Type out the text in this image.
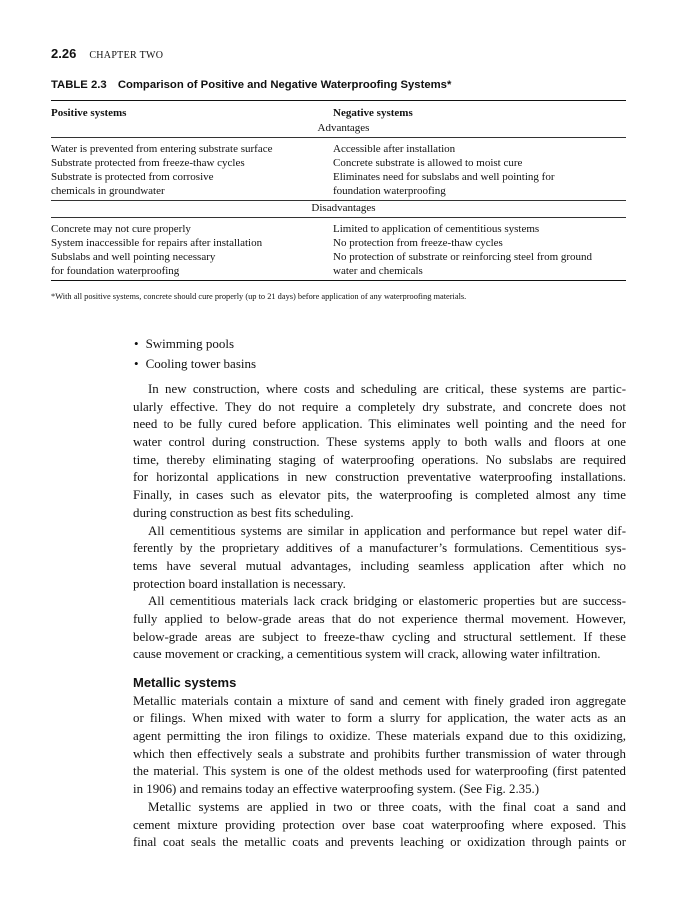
2.26 CHAPTER TWO
TABLE 2.3 Comparison of Positive and Negative Waterproofing Systems*
Positive systems	Negative systems
Advantages
Water is prevented from entering substrate surface
Substrate protected from freeze-thaw cycles
Substrate is protected from corrosive
chemicals in groundwater
Accessible after installation
Concrete substrate is allowed to moist cure
Eliminates need for subslabs and well pointing for
foundation waterproofing
Disadvantages
Concrete may not cure properly
System inaccessible for repairs after installation
Subslabs and well pointing necessary
for foundation waterproofing
Limited to application of cementitious systems
No protection from freeze-thaw cycles
No protection of substrate or reinforcing steel from ground
water and chemicals
*With all positive systems, concrete should cure properly (up to 21 days) before application of any waterproofing materials.
• Swimming pools
• Cooling tower basins
In new construction, where costs and scheduling are critical, these systems are partic-
ularly effective. They do not require a completely dry substrate, and concrete does not
need to be fully cured before application. This eliminates well pointing and the need for
water control during construction. These systems apply to both walls and floors at one
time, thereby eliminating staging of waterproofing operations. No subslabs are required
for horizontal applications in new construction preventative waterproofing installations.
Finally, in cases such as elevator pits, the waterproofing is completed almost any time
during construction as best fits scheduling.
All cementitious systems are similar in application and performance but repel water dif-
ferently by the proprietary additives of a manufacturer’s formulations. Cementitious sys-
tems have several mutual advantages, including seamless application after which no
protection board installation is necessary.
All cementitious materials lack crack bridging or elastomeric properties but are success-
fully applied to below-grade areas that do not experience thermal movement. However,
below-grade areas are subject to freeze-thaw cycling and structural settlement. If these
cause movement or cracking, a cementitious system will crack, allowing water infiltration.
Metallic systems
Metallic materials contain a mixture of sand and cement with finely graded iron aggregate
or filings. When mixed with water to form a slurry for application, the water acts as an
agent permitting the iron filings to oxidize. These materials expand due to this oxidizing,
which then effectively seals a substrate and prohibits further transmission of water through
the material. This system is one of the oldest methods used for waterproofing (first patented
in 1906) and remains today an effective waterproofing system. (See Fig. 2.35.)
Metallic systems are applied in two or three coats, with the final coat a sand and
cement mixture providing protection over base coat waterproofing where exposed. This
final coat seals the metallic coats and prevents leaching or oxidization through paints or
